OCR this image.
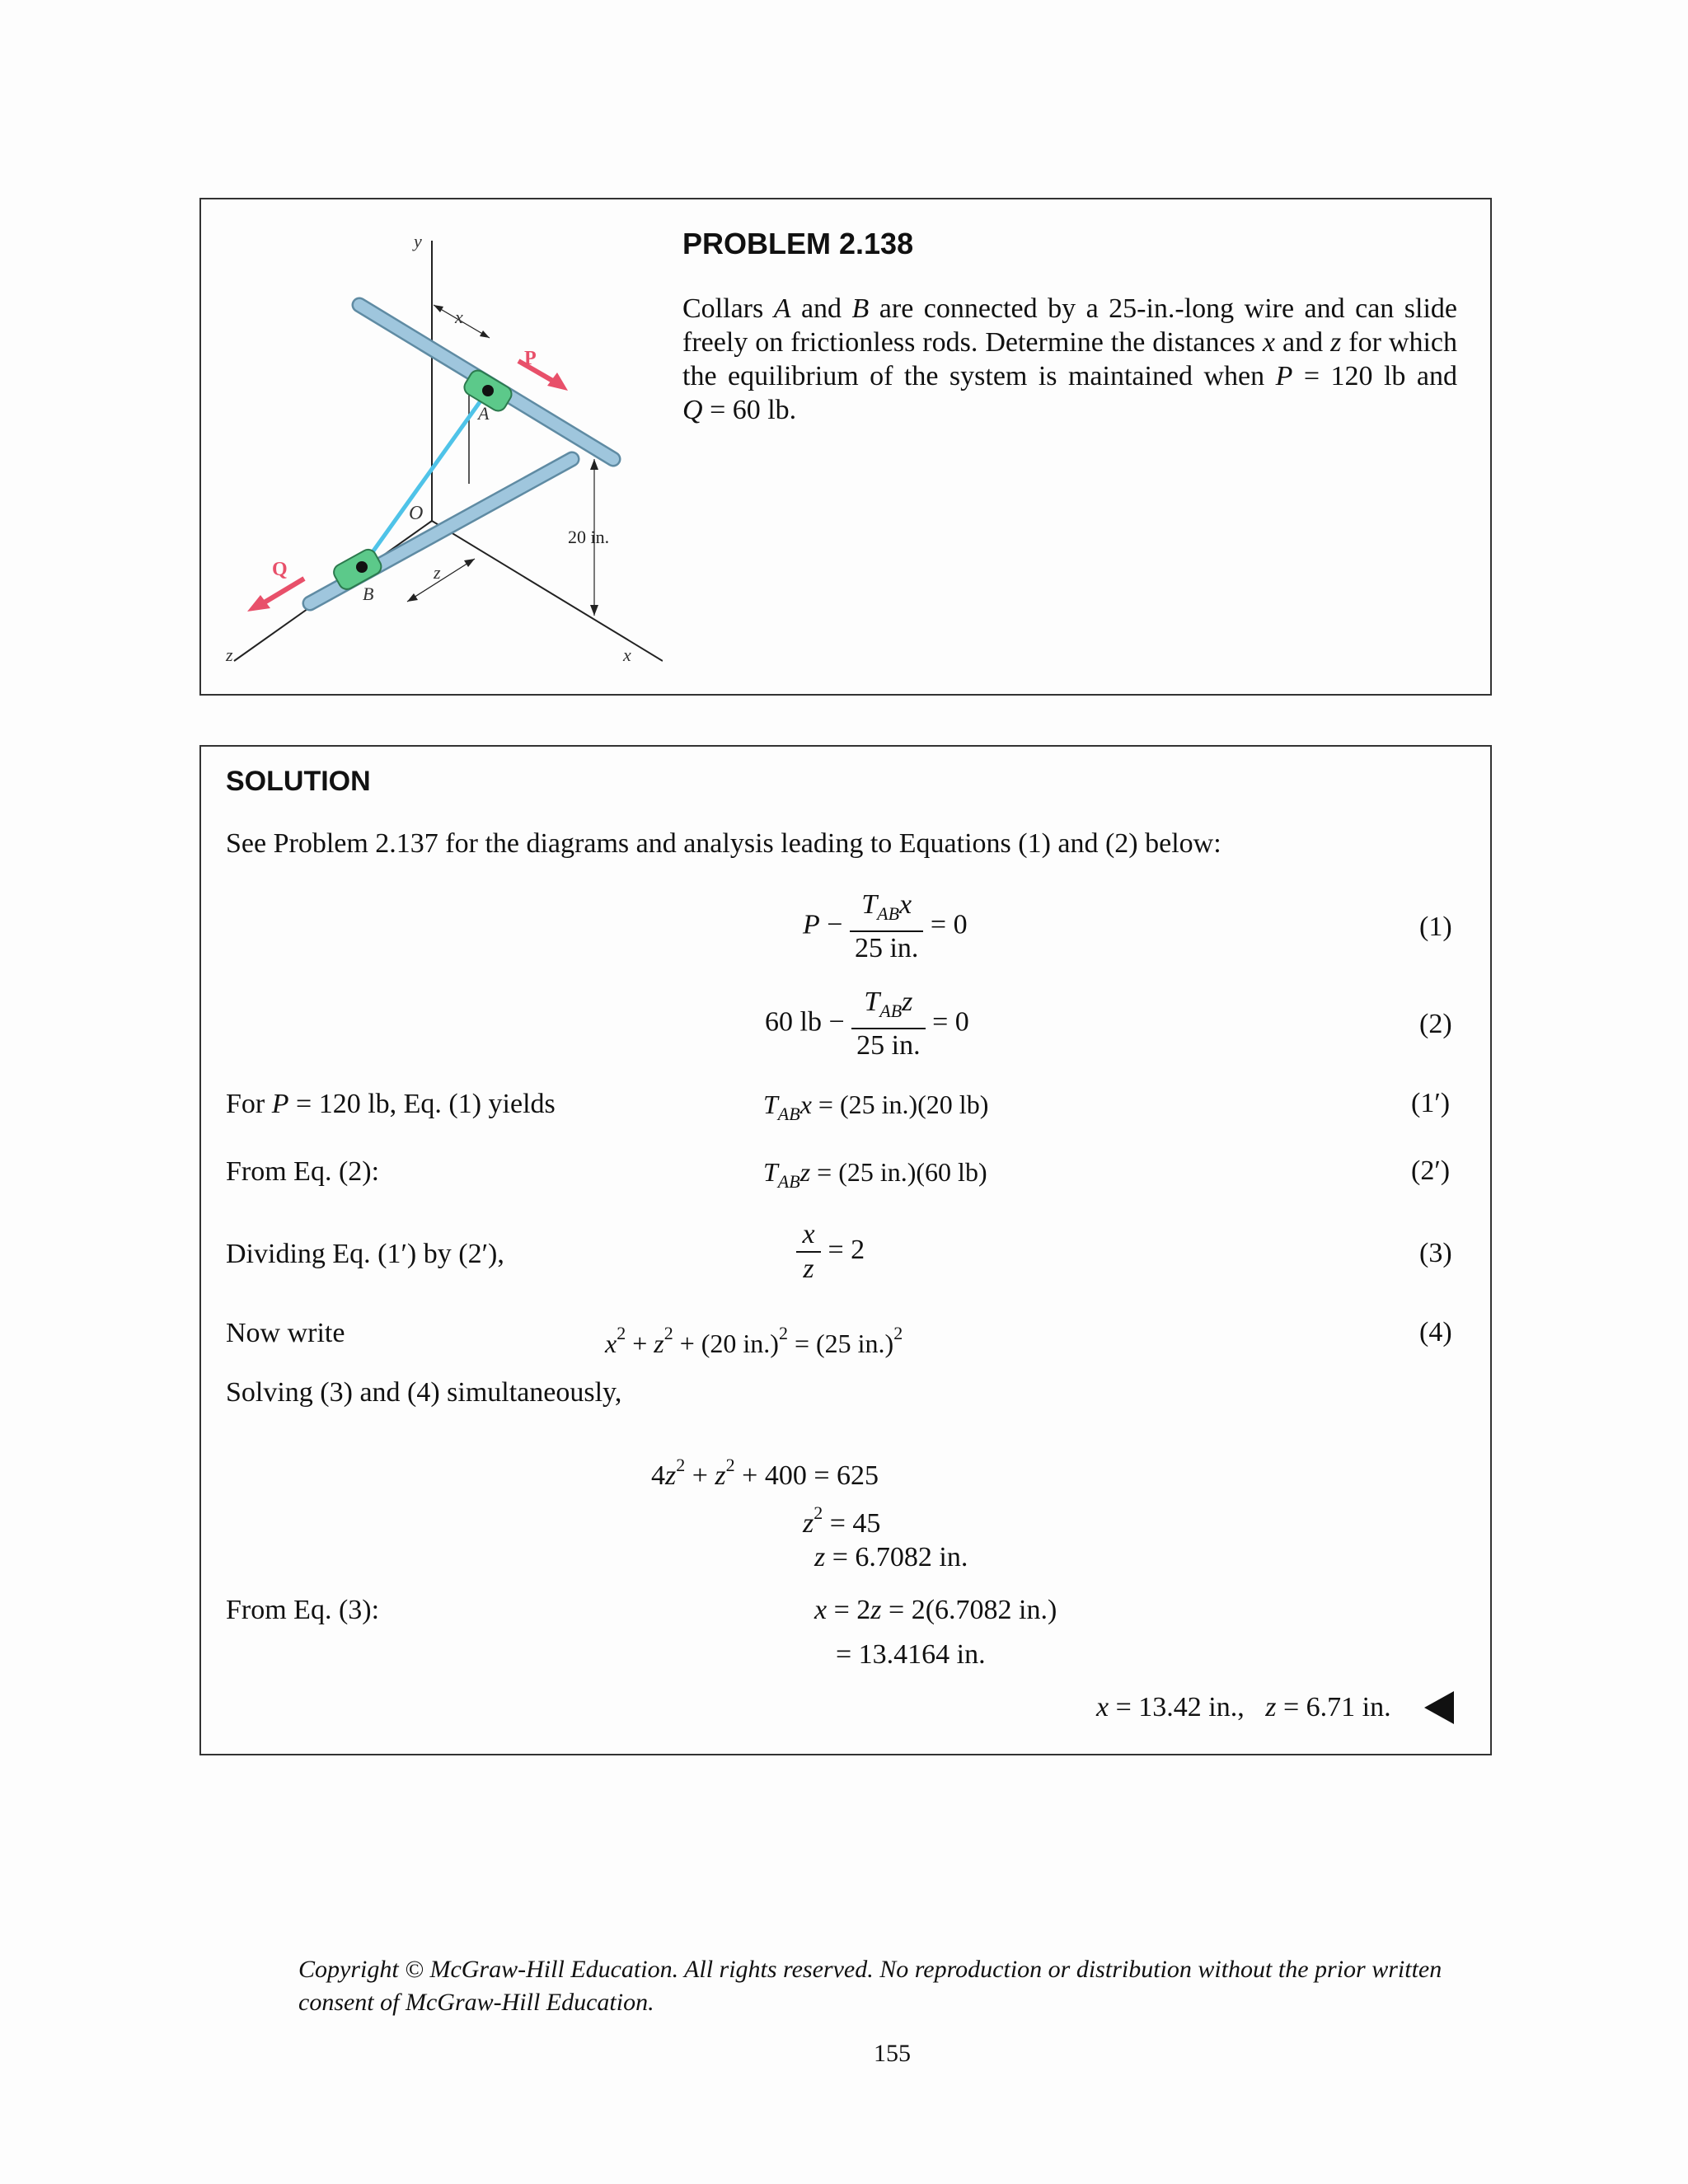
y
x
P
A
O
Q
B
z
20 in.
z	x
PROBLEM 2.138
Collars A and B are connected by a 25-in.-long wire and can slide freely on frictionless rods. Determine the distances x and z for which the equilibrium of the system is maintained when P = 120 lb and Q = 60 lb.
SOLUTION
See Problem 2.137 for the diagrams and analysis leading to Equations (1) and (2) below:
$P - \frac{T_{AB}x}{25 in.} = 0$	(1)
60 lb − $\frac{T_{AB}z}{25 in.} = 0$	(2)
For P = 120 lb, Eq. (1) yields	$T_{AB}x = (25$ in.)(20 lb)	(1′)
From Eq. (2):	$T_{AB}z = (25$ in.)(60 lb)	(2′)
Dividing Eq. (1′) by (2′),	$\frac{x}{z} = 2$	(3)
Now write	$x^2 + z^2 + (20$ in.)$^2$ = (25 in.)$^2$	(4)
Solving (3) and (4) simultaneously,
$4z^2 + z^2 + 400 = 625$
$z^2 = 45$
z = 6.7082 in.
From Eq. (3):	x = 2z = 2(6.7082 in.)
= 13.4164 in.
x = 13.42 in., z = 6.71 in.
Copyright © McGraw-Hill Education. All rights reserved. No reproduction or distribution without the prior written consent of McGraw-Hill Education.
155
